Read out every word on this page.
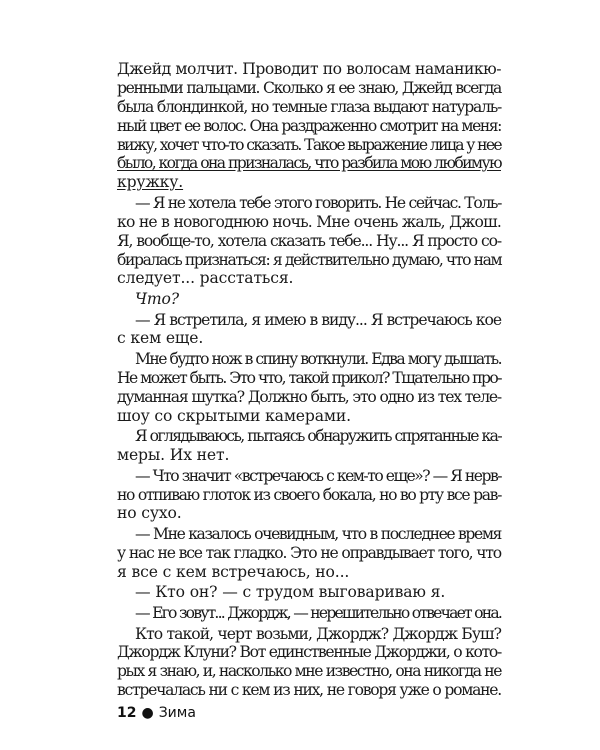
Джейд молчит. Проводит по волосам наманикю-
ренными пальцами. Сколько я ее знаю, Джейд всегда
была блондинкой, но темные глаза выдают натураль-
ный цвет ее волос. Она раздраженно смотрит на меня:
вижу, хочет что-то сказать. Такое выражение лица у нее
было, когда она призналась, что разбила мою любимую
кружку.
— Я не хотела тебе этого говорить. Не сейчас. Толь-
ко не в новогоднюю ночь. Мне очень жаль, Джош.
Я, вообще-то, хотела сказать тебе... Ну... Я просто со-
биралась признаться: я действительно думаю, что нам
следует... расстаться.
Что?
— Я встретила, я имею в виду... Я встречаюсь кое
с кем еще.
Мне будто нож в спину воткнули. Едва могу дышать.
Не может быть. Это что, такой прикол? Тщательно про-
думанная шутка? Должно быть, это одно из тех теле-
шоу со скрытыми камерами.
Я оглядываюсь, пытаясь обнаружить спрятанные ка-
меры. Их нет.
— Что значит «встречаюсь с кем-то еще»? — Я нерв-
но отпиваю глоток из своего бокала, но во рту все рав-
но сухо.
— Мне казалось очевидным, что в последнее время
у нас не все так гладко. Это не оправдывает того, что
я все с кем встречаюсь, но...
— Кто он? — с трудом выговариваю я.
— Его зовут... Джордж, — нерешительно отвечает она.
Кто такой, черт возьми, Джордж? Джордж Буш?
Джордж Клуни? Вот единственные Джорджи, о кото-
рых я знаю, и, насколько мне известно, она никогда не
встречалась ни с кем из них, не говоря уже о романе.
12 ● Зима
